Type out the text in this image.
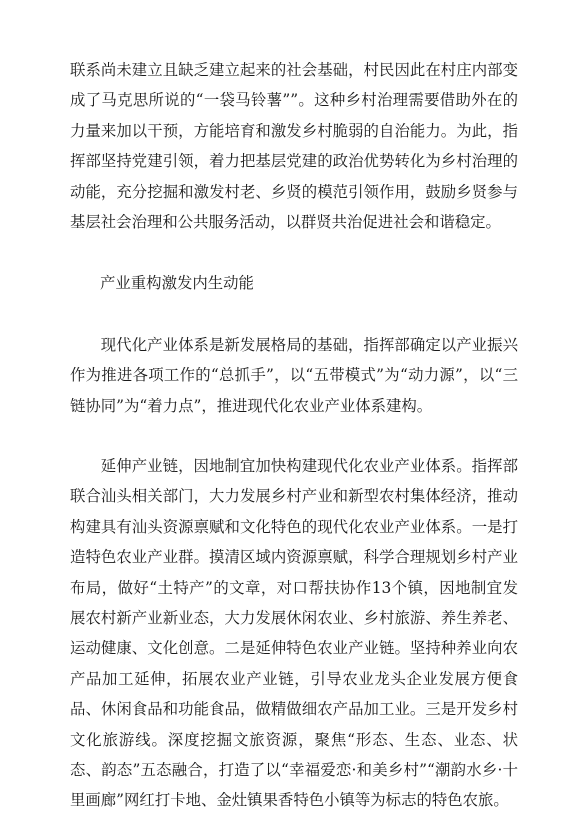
联系尚未建立且缺乏建立起来的社会基础，村民因此在村庄内部变成了马克思所说的“一袋马铃薯””。这种乡村治理需要借助外在的力量来加以干预，方能培育和激发乡村脆弱的自治能力。为此，指挥部坚持党建引领，着力把基层党建的政治优势转化为乡村治理的动能，充分挖掘和激发村老、乡贤的模范引领作用，鼓励乡贤参与基层社会治理和公共服务活动，以群贤共治促进社会和谐稳定。

产业重构激发内生动能

现代化产业体系是新发展格局的基础，指挥部确定以产业振兴作为推进各项工作的“总抓手”，以“五带模式”为“动力源”，以“三链协同”为“着力点”，推进现代化农业产业体系建构。

延伸产业链，因地制宜加快构建现代化农业产业体系。指挥部联合汕头相关部门，大力发展乡村产业和新型农村集体经济，推动构建具有汕头资源禀赋和文化特色的现代化农业产业体系。一是打造特色农业产业群。摸清区域内资源禀赋，科学合理规划乡村产业布局，做好“土特产”的文章，对口帮扶协作13个镇，因地制宜发展农村新产业新业态，大力发展休闲农业、乡村旅游、养生养老、运动健康、文化创意。二是延伸特色农业产业链。坚持种养业向农产品加工延伸，拓展农业产业链，引导农业龙头企业发展方便食品、休闲食品和功能食品，做精做细农产品加工业。三是开发乡村文化旅游线。深度挖掘文旅资源，聚焦“形态、生态、业态、状态、韵态”五态融合，打造了以“幸福爱恋·和美乡村”“潮韵水乡·十里画廊”网红打卡地、金灶镇果香特色小镇等为标志的特色农旅。
